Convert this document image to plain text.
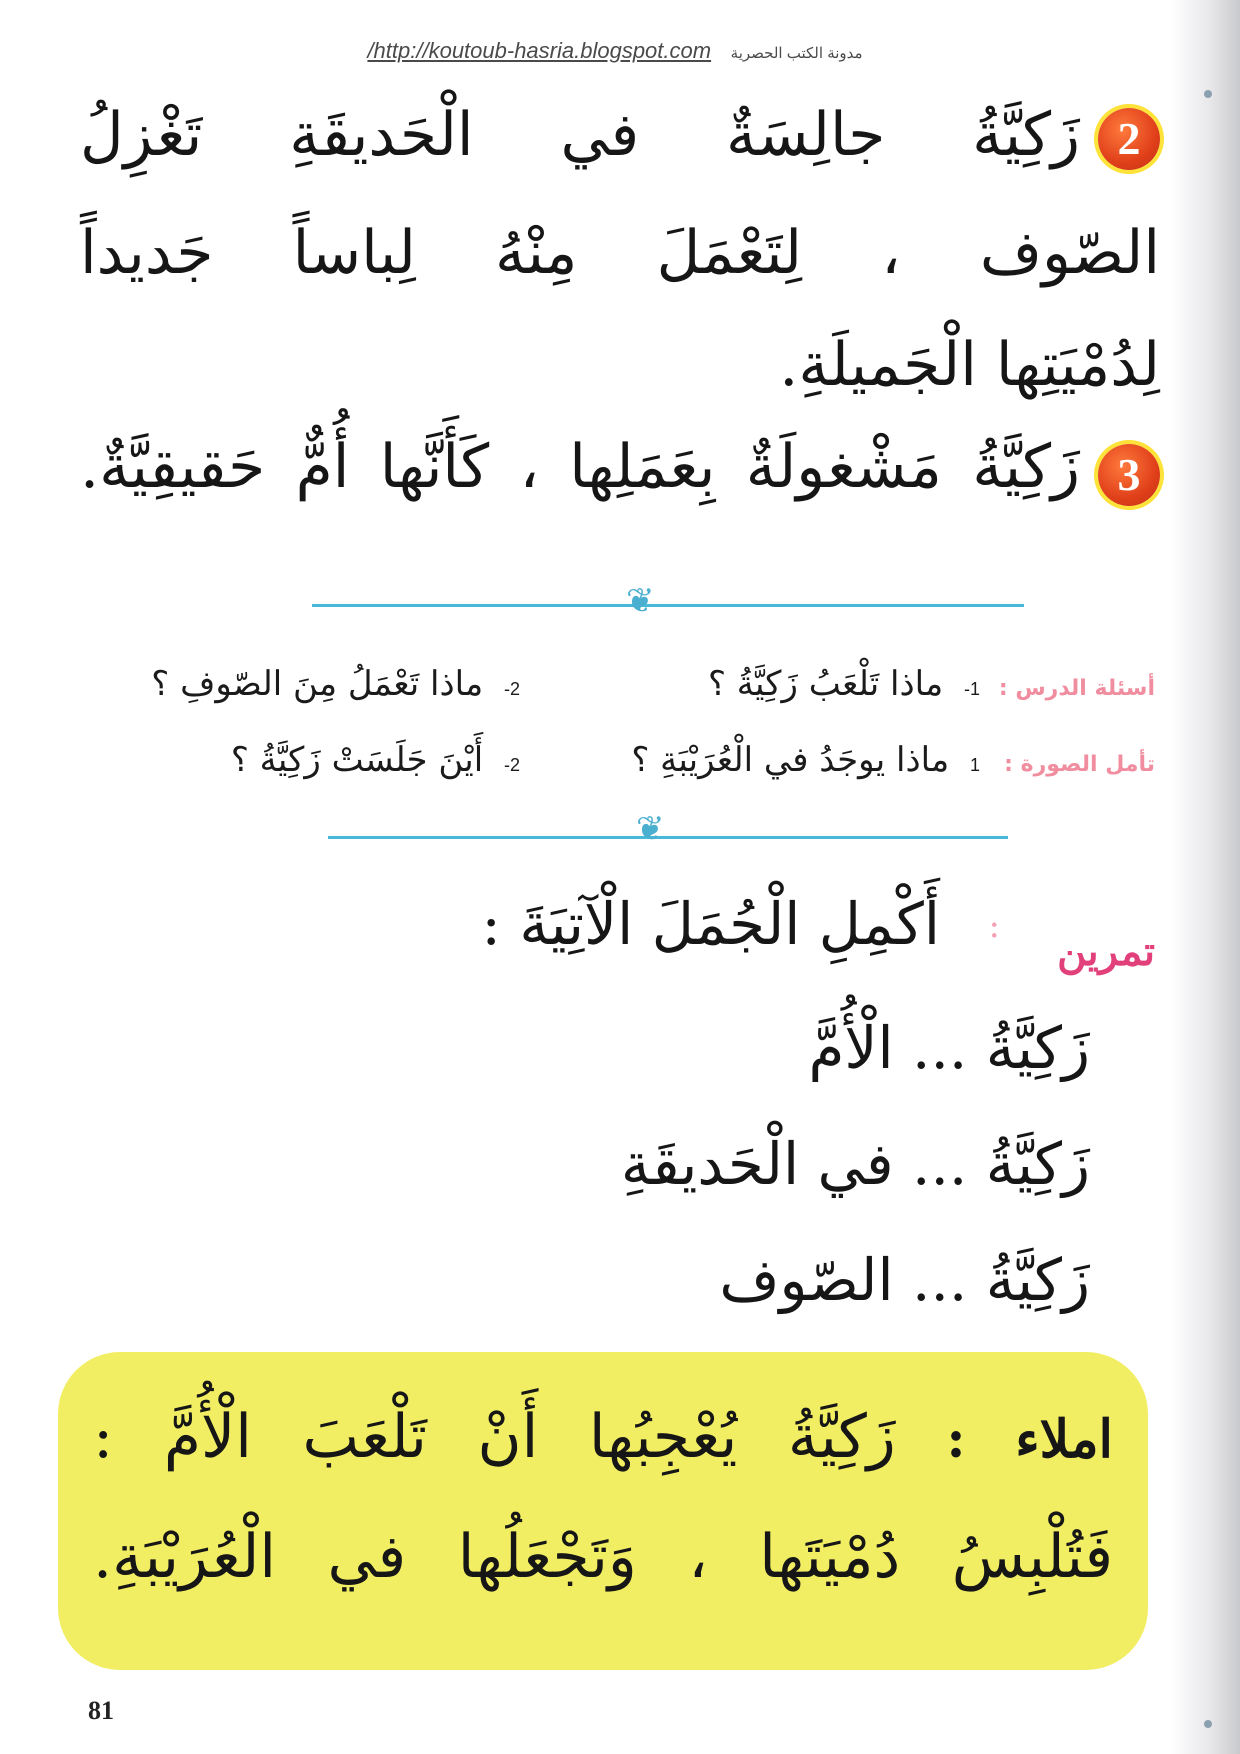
/http://koutoub-hasria.blogspot.com مدونة الكتب الحصرية
2
زَكِيَّةُ جالِسَةٌ في الْحَديقَةِ تَغْزِلُ
الصّوف ، لِتَعْمَلَ مِنْهُ لِباساً جَديداً
لِدُمْيَتِها الْجَميلَةِ.
3
زَكِيَّةُ مَشْغولَةٌ بِعَمَلِها ، كَأَنَّها أُمٌّ حَقيقِيَّةٌ.
❦
أسئلة الدرس :
1- ماذا تَلْعَبُ زَكِيَّةُ ؟
2- ماذا تَعْمَلُ مِنَ الصّوفِ ؟
تأمل الصورة :
1 ماذا يوجَدُ في الْعُرَيْبَةِ ؟
2- أَيْنَ جَلَسَتْ زَكِيَّةُ ؟
❦
تمرين
:
أَكْمِلِ الْجُمَلَ الْآتِيَةَ :
زَكِيَّةُ ... الْأُمَّ
زَكِيَّةُ ... في الْحَديقَةِ
زَكِيَّةُ ... الصّوف
املاء : زَكِيَّةُ يُعْجِبُها أَنْ تَلْعَبَ الْأُمَّ :
فَتُلْبِسُ دُمْيَتَها ، وَتَجْعَلُها في الْعُرَيْبَةِ.
81
